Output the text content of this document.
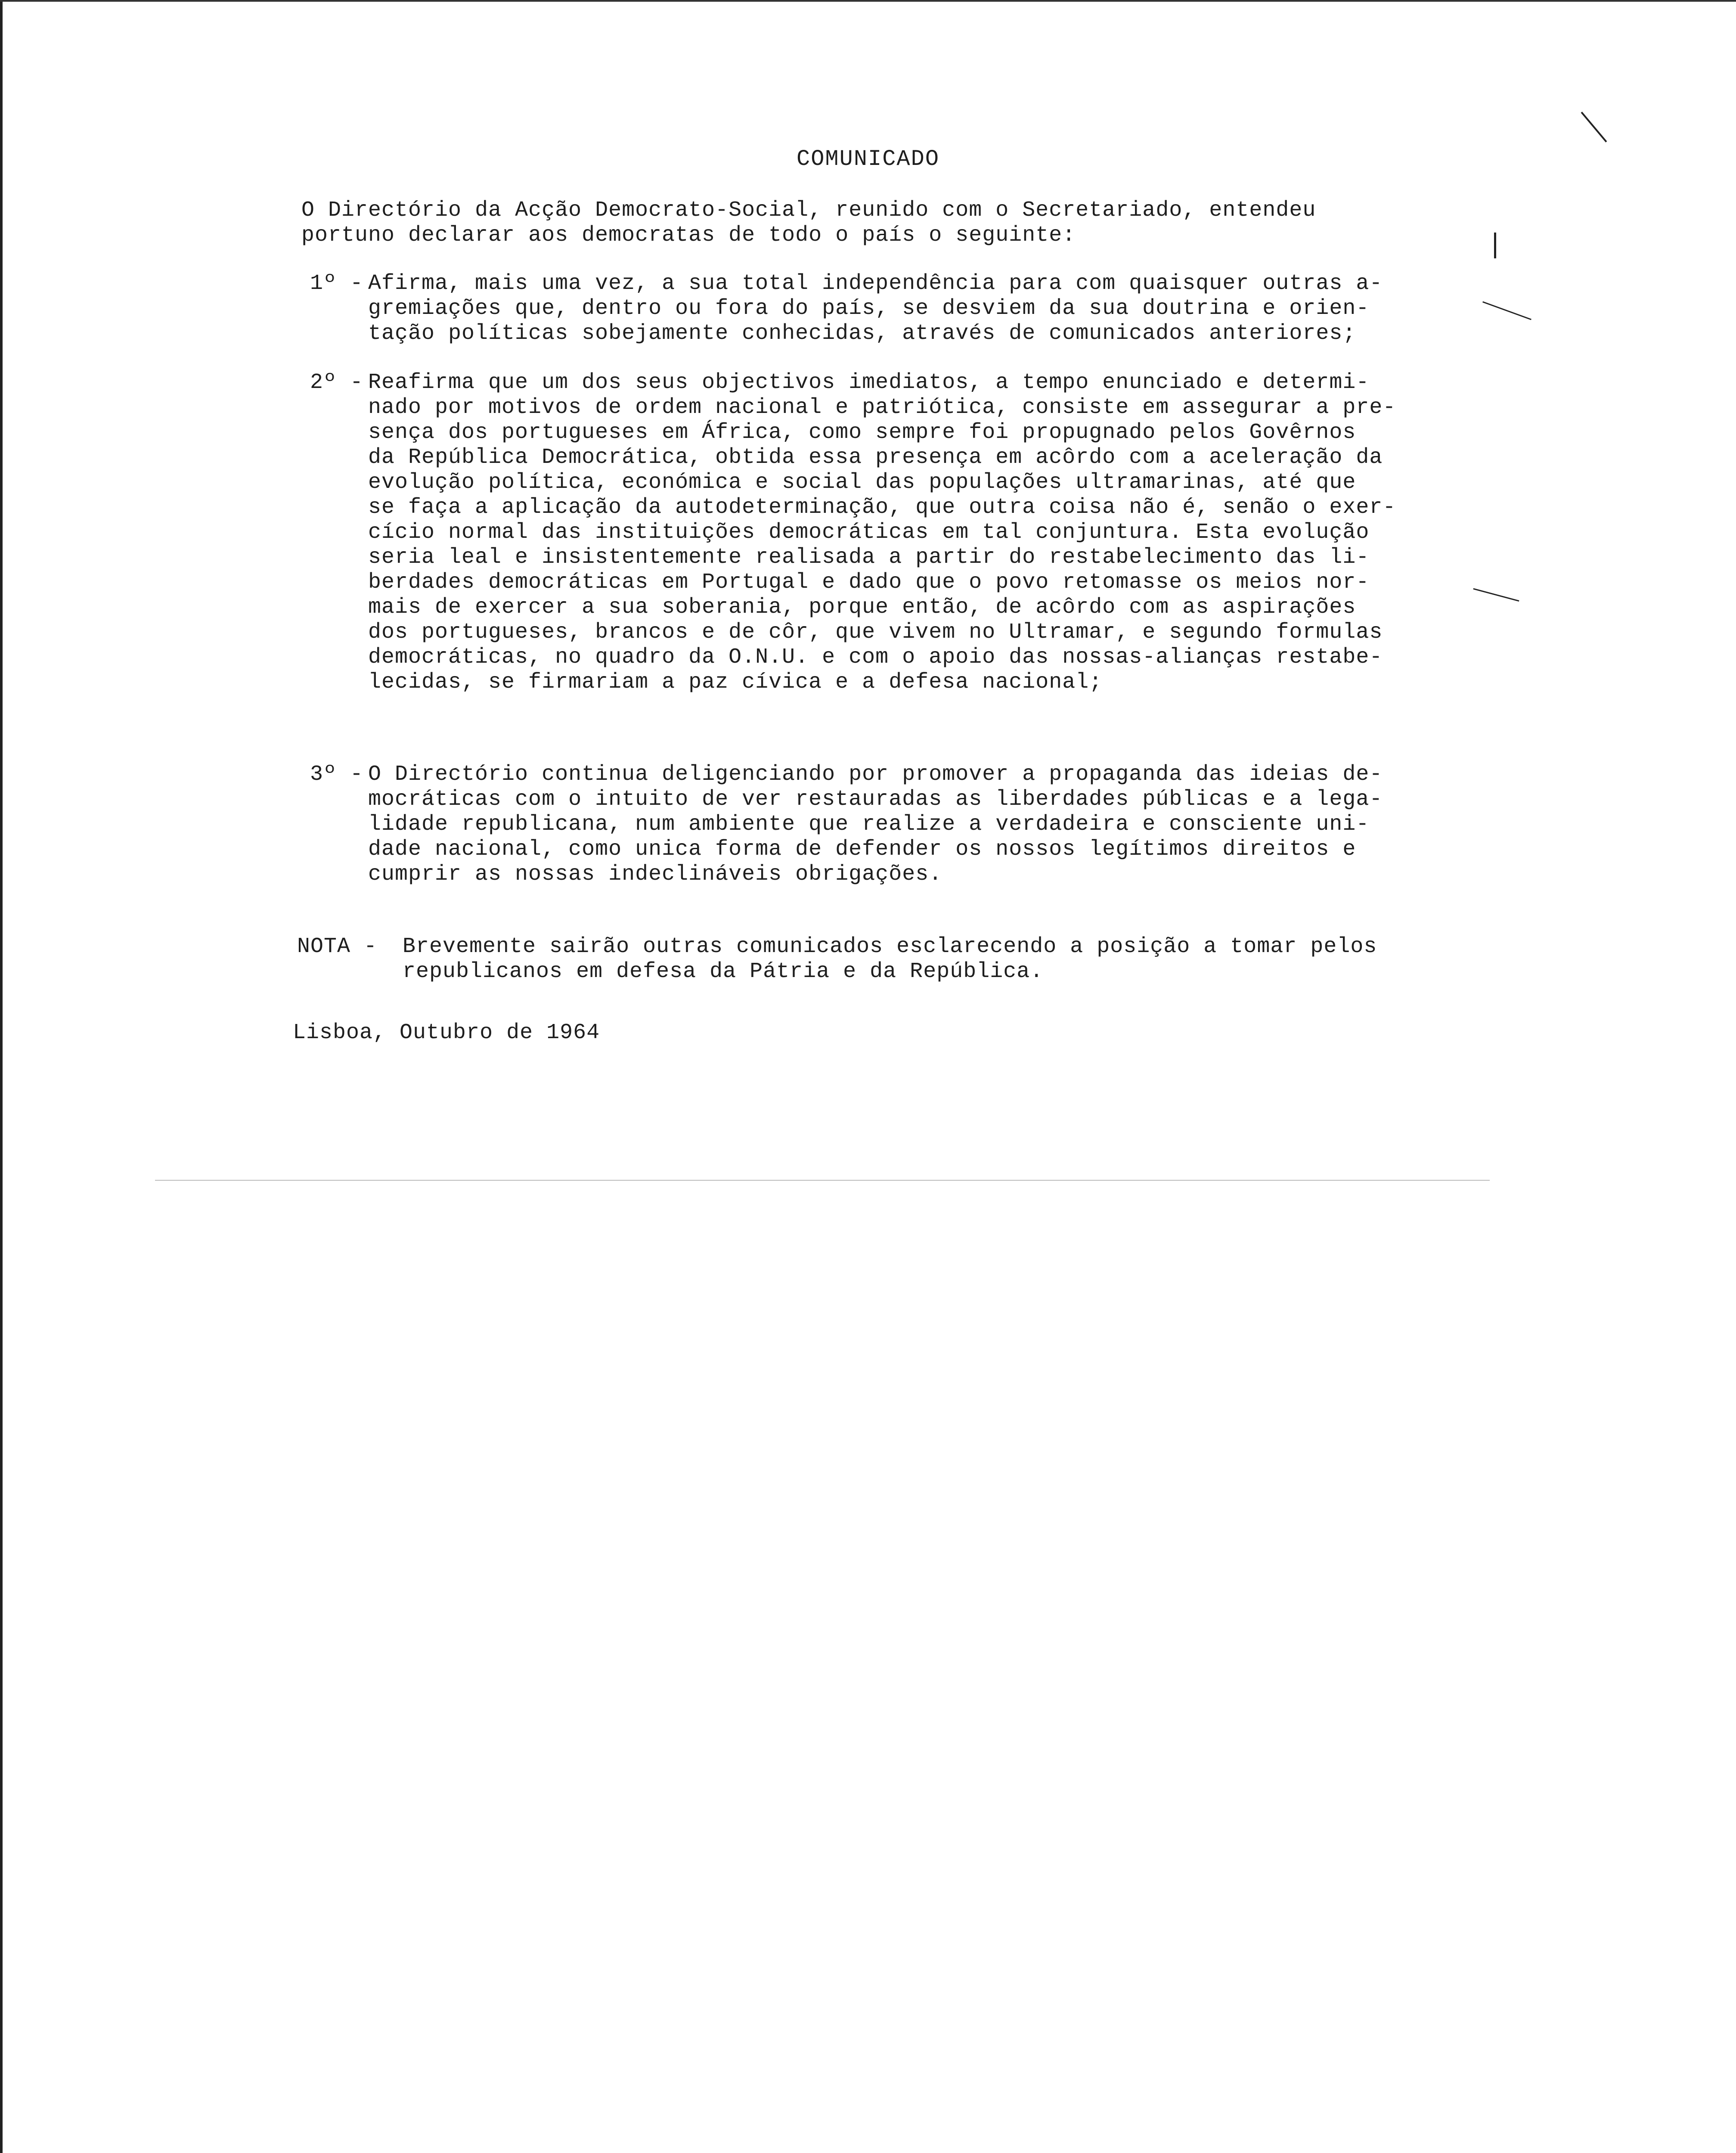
COMUNICADO

O Directório da Acção Democrato-Social, reunido com o Secretariado, entendeu

portuno declarar aos democratas de todo o país o seguinte:

1º - Afirma, mais uma vez, a sua total independência para com quaisquer outras a-

gremiações que, dentro ou fora do país, se desviem da sua doutrina e orien-

tação políticas sobejamente conhecidas, através de comunicados anteriores;

2º - Reafirma que um dos seus objectivos imediatos, a tempo enunciado e determi-

nado por motivos de ordem nacional e patriótica, consiste em assegurar a pre-

sença dos portugueses em África, como sempre foi propugnado pelos Govêrnos

da República Democrática, obtida essa presença em acôrdo com a aceleração da

evolução política, económica e social das populações ultramarinas, até que

se faça a aplicação da autodeterminação, que outra coisa não é, senão o exer-

cício normal das instituições democráticas em tal conjuntura. Esta evolução

seria leal e insistentemente realisada a partir do restabelecimento das li-

berdades democráticas em Portugal e dado que o povo retomasse os meios nor-

mais de exercer a sua soberania, porque então, de acôrdo com as aspirações

dos portugueses, brancos e de côr, que vivem no Ultramar, e segundo formulas

democráticas, no quadro da O.N.U. e com o apoio das nossas-alianças restabe-

lecidas, se firmariam a paz cívica e a defesa nacional;

3º - O Directório continua deligenciando por promover a propaganda das ideias de-

mocráticas com o intuito de ver restauradas as liberdades públicas e a lega-

lidade republicana, num ambiente que realize a verdadeira e consciente uni-

dade nacional, como unica forma de defender os nossos legítimos direitos e

cumprir as nossas indeclináveis obrigações.

NOTA - Brevemente sairão outras comunicados esclarecendo a posição a tomar pelos

republicanos em defesa da Pátria e da República.

Lisboa, Outubro de 1964
